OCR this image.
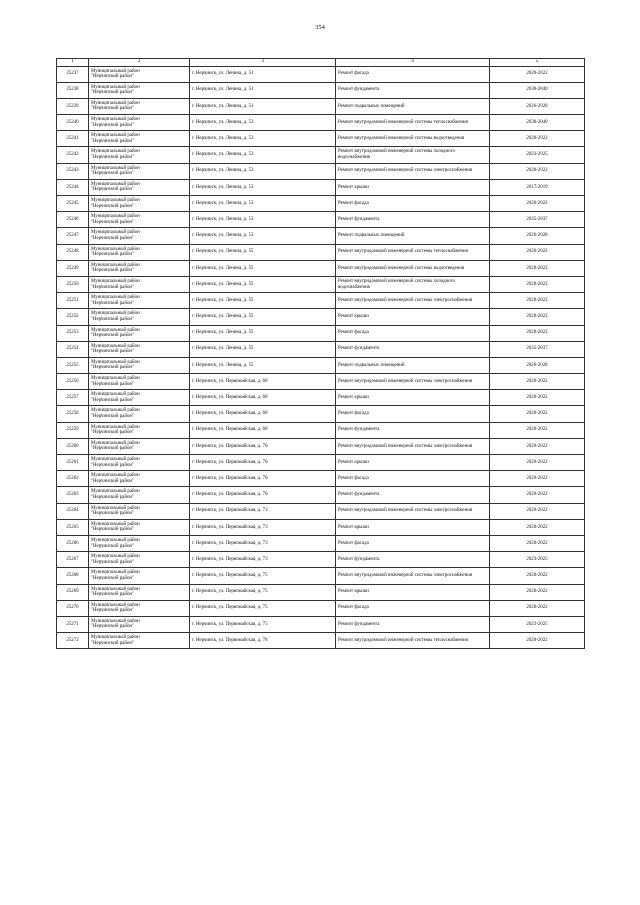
354
1	2	3	4	5
25237	Муниципальный район
"Нерчинский район"	г. Нерчинск, ул. Ленина, д. 51	Ремонт фасада	2020-2022
25238	Муниципальный район
"Нерчинский район"	г. Нерчинск, ул. Ленина, д. 51	Ремонт фундамента	2038-2040
25239	Муниципальный район
"Нерчинский район"	г. Нерчинск, ул. Ленина, д. 51	Ремонт подвальных помещений	2026-2028
25240	Муниципальный район
"Нерчинский район"	г. Нерчинск, ул. Ленина, д. 53	Ремонт внутридомовой инженерной системы теплоснабжения	2038-2040
25241	Муниципальный район
"Нерчинский район"	г. Нерчинск, ул. Ленина, д. 53	Ремонт внутридомовой инженерной системы водоотведения	2020-2022
25242	Муниципальный район
"Нерчинский район"	г. Нерчинск, ул. Ленина, д. 53	Ремонт внутридомовой инженерной системы холодного водоснабжения	2023-2025
25243	Муниципальный район
"Нерчинский район"	г. Нерчинск, ул. Ленина, д. 53	Ремонт внутридомовой инженерной системы электроснабжения	2020-2022
25244	Муниципальный район
"Нерчинский район"	г. Нерчинск, ул. Ленина, д. 53	Ремонт крыши	2017-2019
25245	Муниципальный район
"Нерчинский район"	г. Нерчинск, ул. Ленина, д. 53	Ремонт фасада	2020-2022
25246	Муниципальный район
"Нерчинский район"	г. Нерчинск, ул. Ленина, д. 53	Ремонт фундамента	2035-2037
25247	Муниципальный район
"Нерчинский район"	г. Нерчинск, ул. Ленина, д. 53	Ремонт подвальных помещений	2026-2028
25248	Муниципальный район
"Нерчинский район"	г. Нерчинск, ул. Ленина, д. 55	Ремонт внутридомовой инженерной системы теплоснабжения	2020-2022
25249	Муниципальный район
"Нерчинский район"	г. Нерчинск, ул. Ленина, д. 55	Ремонт внутридомовой инженерной системы водоотведения	2020-2022
25250	Муниципальный район
"Нерчинский район"	г. Нерчинск, ул. Ленина, д. 55	Ремонт внутридомовой инженерной системы холодного водоснабжения	2020-2022
25251	Муниципальный район
"Нерчинский район"	г. Нерчинск, ул. Ленина, д. 55	Ремонт внутридомовой инженерной системы электроснабжения	2020-2022
25252	Муниципальный район
"Нерчинский район"	г. Нерчинск, ул. Ленина, д. 55	Ремонт крыши	2020-2022
25253	Муниципальный район
"Нерчинский район"	г. Нерчинск, ул. Ленина, д. 55	Ремонт фасада	2020-2022
25254	Муниципальный район
"Нерчинский район"	г. Нерчинск, ул. Ленина, д. 55	Ремонт фундамента	2035-2037
25255	Муниципальный район
"Нерчинский район"	г. Нерчинск, ул. Ленина, д. 55	Ремонт подвальных помещений	2026-2028
25256	Муниципальный район
"Нерчинский район"	г. Нерчинск, ул. Первомайская, д. 68	Ремонт внутридомовой инженерной системы электроснабжения	2020-2022
25257	Муниципальный район
"Нерчинский район"	г. Нерчинск, ул. Первомайская, д. 68	Ремонт крыши	2020-2022
25258	Муниципальный район
"Нерчинский район"	г. Нерчинск, ул. Первомайская, д. 68	Ремонт фасада	2020-2022
25259	Муниципальный район
"Нерчинский район"	г. Нерчинск, ул. Первомайская, д. 68	Ремонт фундамента	2020-2022
25260	Муниципальный район
"Нерчинский район"	г. Нерчинск, ул. Первомайская, д. 70	Ремонт внутридомовой инженерной системы электроснабжения	2020-2022
25261	Муниципальный район
"Нерчинский район"	г. Нерчинск, ул. Первомайская, д. 70	Ремонт крыши	2020-2022
25262	Муниципальный район
"Нерчинский район"	г. Нерчинск, ул. Первомайская, д. 70	Ремонт фасада	2020-2022
25263	Муниципальный район
"Нерчинский район"	г. Нерчинск, ул. Первомайская, д. 70	Ремонт фундамента	2020-2022
25264	Муниципальный район
"Нерчинский район"	г. Нерчинск, ул. Первомайская, д. 73	Ремонт внутридомовой инженерной системы электроснабжения	2020-2022
25265	Муниципальный район
"Нерчинский район"	г. Нерчинск, ул. Первомайская, д. 73	Ремонт крыши	2020-2022
25266	Муниципальный район
"Нерчинский район"	г. Нерчинск, ул. Первомайская, д. 73	Ремонт фасада	2020-2022
25267	Муниципальный район
"Нерчинский район"	г. Нерчинск, ул. Первомайская, д. 73	Ремонт фундамента	2023-2025
25268	Муниципальный район
"Нерчинский район"	г. Нерчинск, ул. Первомайская, д. 75	Ремонт внутридомовой инженерной системы электроснабжения	2020-2022
25269	Муниципальный район
"Нерчинский район"	г. Нерчинск, ул. Первомайская, д. 75	Ремонт крыши	2020-2022
25270	Муниципальный район
"Нерчинский район"	г. Нерчинск, ул. Первомайская, д. 75	Ремонт фасада	2020-2022
25271	Муниципальный район
"Нерчинский район"	г. Нерчинск, ул. Первомайская, д. 75	Ремонт фундамента	2023-2025
25272	Муниципальный район
"Нерчинский район"	г. Нерчинск, ул. Первомайская, д. 78	Ремонт внутридомовой инженерной системы теплоснабжения	2020-2022
